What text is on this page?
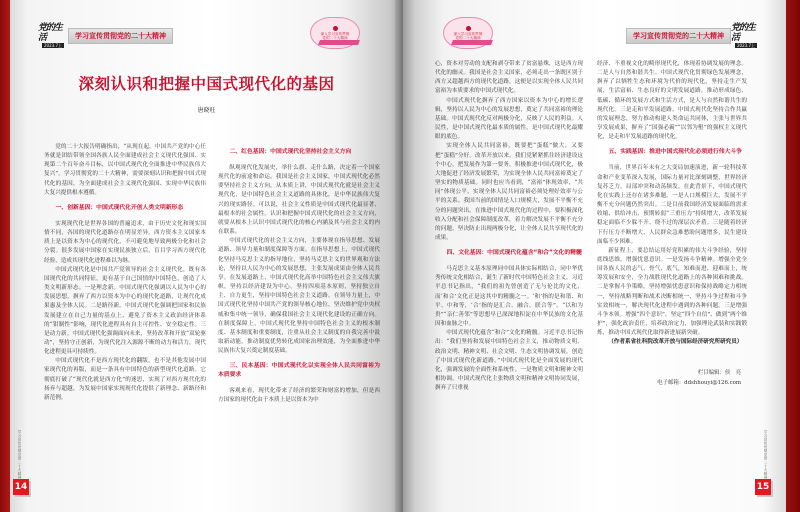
党的生活
2023.7上
学习宣传贯彻党的二十大精神	深入学习宣传贯彻
党的二十大精神
深刻认识和把握中国式现代化的基因
唐晓旺

党的二十大报告明确指出，“从现在起，中国共产党的中心任务就是团结带领全国各族人民全面建成社会主义现代化强国、实现第二个百年奋斗目标，以中国式现代化全面推进中华民族伟大复兴”。学习贯彻党的二十大精神，需要深刻认识和把握中国式现代化的基因，为全面建成社会主义现代化强国、实现中华民族伟大复兴提供根本遵循。

一、创新基因：中国式现代化开创人类文明新形态

实现现代化是世界各国的普遍追求，由于历史文化和现实国情不同，各国的现代化道路存在明显差异。西方资本主义国家本质上是以资本为中心的现代化，不可避免地导致两极分化和社会分裂。很多发展中国家在实现民族独立后，盲目学习西方现代化经验，造成其现代化进程难以为继。

中国式现代化是中国共产党领导的社会主义现代化，既有各国现代化的共同特征，更有基于自己国情的中国特色，创造了人类文明新形态。一是理念新。中国式现代化强调以人民为中心的发展思想，摒弃了西方以资本为中心的现代化道路，让现代化成果惠及全体人民。二是路径新。中国式现代化强调把国家和民族发展建立在自己力量的基点上，避免了资本主义政治经济体系的“钳制性”影响，现代化进程具有自主可控性、安全稳定性。三是动力新。中国式现代化强调面向未来，坚持改革和开放“双轮驱动”，坚持守正创新，为现代化注入源源不断的动力和活力，现代化进程更具可持续性。

中国式现代化不是西方现代化的翻版，也不是其他发展中国家现代化的再版，而是一条具有中国特色的新型现代化道路。它彻底打破了“现代化就是西方化”的迷思，实现了对西方现代化的扬弃与超越，为发展中国家实现现代化提供了新理念、新路径和新范例。

二、红色基因：中国式现代化坚持社会主义方向

纵观现代化发展史，举什么旗、走什么路，决定着一个国家现代化的前途和命运。我国是社会主义国家，中国式现代化必然要坚持社会主义方向。从本质上讲，中国式现代化就是社会主义现代化，是中国特色社会主义道路的具体化，是中华民族伟大复兴的现实路径。可以说，社会主义性质是中国式现代化最显著、最根本的社会属性。认识和把握中国式现代化的社会主义方向，就要从根本上认识中国式现代化的核心内涵及其与社会主义的内在联系。

中国式现代化的社会主义方向，主要体现在指导思想、发展道路、领导力量和制度保障等方面。在指导思想上，中国式现代化坚持马克思主义的指导地位，坚持马克思主义的世界观和方法论，坚持以人民为中心的发展思想，主张发展成果由全体人民共享。在发展道路上，中国式现代化高举中国特色社会主义伟大旗帜，坚持以经济建设为中心，坚持四项基本原则，坚持独立自主、自力更生，坚持中国特色社会主义道路。在领导力量上，中国式现代化坚持中国共产党的领导核心地位，坚决维护党中央权威和集中统一领导，确保我国社会主义现代化建设的正确方向。在制度保障上，中国式现代化坚持中国特色社会主义的根本制度、基本制度和重要制度，注重从社会主义制度的自我完善中汲取新动能，推动制度优势转化成国家治理效能，为全面推进中华民族伟大复兴奠定制度基础。

三、民本基因：中国式现代化以实现全体人民共同富裕为本质要求

客观来看，现代化带来了经济的繁荣和财富的增加，但是西方国家的现代化由于本质上是以资本为中

学习宣传贯彻党的二十大精神
14
深入学习宣传贯彻
党的二十大精神	学习宣传贯彻党的二十大精神
党的生活
2023.7上

心，资本对劳动的支配和剥夺带来了贫富悬殊，这是西方现代化的幽灵。我国是社会主义国家，必须走出一条既区别于西方又超越西方的现代化道路，这便是以实现全体人民共同富裕为本质要求的中国式现代化。

中国式现代化摒弃了西方国家以资本为中心的增长逻辑，坚持以人民为中心的发展思想，奠定了共同富裕的理论基础。中国式现代化反对两极分化，反映了人民的利益。人民性，是中国式现代化最本质的属性，是中国式现代化最耀眼的底色。

实现全体人民共同富裕，既要把“蛋糕”做大，又要把“蛋糕”分好。改革开放以来，我们党紧紧抓住经济建设这个中心，把发展作为第一要务，积极推进中国式现代化，极大地促进了经济发展繁荣，为实现全体人民共同富裕奠定了坚实的物质基础。同时也应当看到，“富裕”体现效率，“共同”体现公平，实现全体人民共同富裕必须处理好效率与公平的关系。我国当前的国情是人口规模大，发展不平衡不充分的问题突出。在推进中国式现代化的过程中，要积极深化收入分配和社会保障制度改革，着力解决发展不平衡不充分的问题，坚决防止出现两极分化，让全体人民共享现代化的成果。

四、文化基因：中国式现代化蕴含“和合”文化的精髓

马克思主义基本原理同中国具体实际相结合，同中华优秀传统文化相结合，诞生了新时代中国特色社会主义。习近平总书记指出，“我们的祖先曾创造了无与伦比的文化，而‘和合’文化正是这其中的精髓之一。‘和’指的是和谐、和平、中和等，‘合’指的是汇合、融合、联合等”。“以和为贵”“亲仁善邻”等思想早已深深地积淀在中华民族的文化基因和血脉之中。

中国式现代化蕴含“和合”文化的精髓。习近平总书记指出：“我们坚持和发展中国特色社会主义，推动物质文明、政治文明、精神文明、社会文明、生态文明协调发展，创造了中国式现代化新道路。”中国式现代化是全面发展的现代化，强调发展的全面性和系统性。一是物质文明和精神文明相协调。中国式现代化主张物质文明和精神文明协同发展，摒弃了只重视

经济、不重视文化的畸形现代化，体现着协调发展的理念。二是人与自然和谐共生。中国式现代化贯彻绿色发展理念，摒弃了以牺牲生态和环境为代价的现代化，坚持走生产发展、生活富裕、生态良好的文明发展道路，推动形成绿色、低碳、循环的发展方式和生活方式，是人与自然和谐共生的现代化。三是走和平发展道路。中国式现代化坚持合作共赢的发展理念，努力推动构建人类命运共同体，主张与世界共享发展成果，摒弃了“国强必霸”“以邻为壑”的强权主义现代化，是走和平发展道路的现代化。

五、实践基因：推进中国式现代化必须进行伟大斗争

当前，世界百年未有之大变局加速演进，新一轮科技革命和产业变革深入发展，国际力量对比深刻调整，世界经济复苏乏力，局部冲突和动荡频发。在此背景下，中国式现代化在实践上还存在诸多难题。一是人口规模巨大，发展不平衡不充分问题仍然突出。二是目前我国经济发展面临的需求收缩、供给冲击、预期转弱“三重压力”持续增大，改革发展稳定面临不少躲不开、绕不过的深层次矛盾。三是随着经济下行压力不断增大，人民群众急难愁盼问题增多，民生建设面临不少困难。

新征程上，要总结运用好党积累的伟大斗争经验，坚持底线思维，增强忧患意识。一是发扬斗争精神。增强全党全国各族人民的志气、骨气、底气，知难而进、迎难而上，统筹发展和安全，全力战胜现代化道路上的各种困难和挑战。二是掌握斗争策略。坚持增强忧患意识和保持战略定力相统一，坚持战略判断和战术决断相统一，坚持斗争过程和斗争实效相统一，解决现代化进程中遇到的各种问题。三是增强斗争本领。增强“四个意识”、坚定“四个自信”、做到“两个维护”，强化政治责任，培养政治定力，加强理论武装和实践锻炼，推动中国式现代化取得新进展新突破。

（作者系省社科院改革开放与国际经济研究所研究员）

栏目编辑：侯　亮
电子邮箱：ddshhouyi@126.com
学习宣传贯彻党的二十大精神
15
